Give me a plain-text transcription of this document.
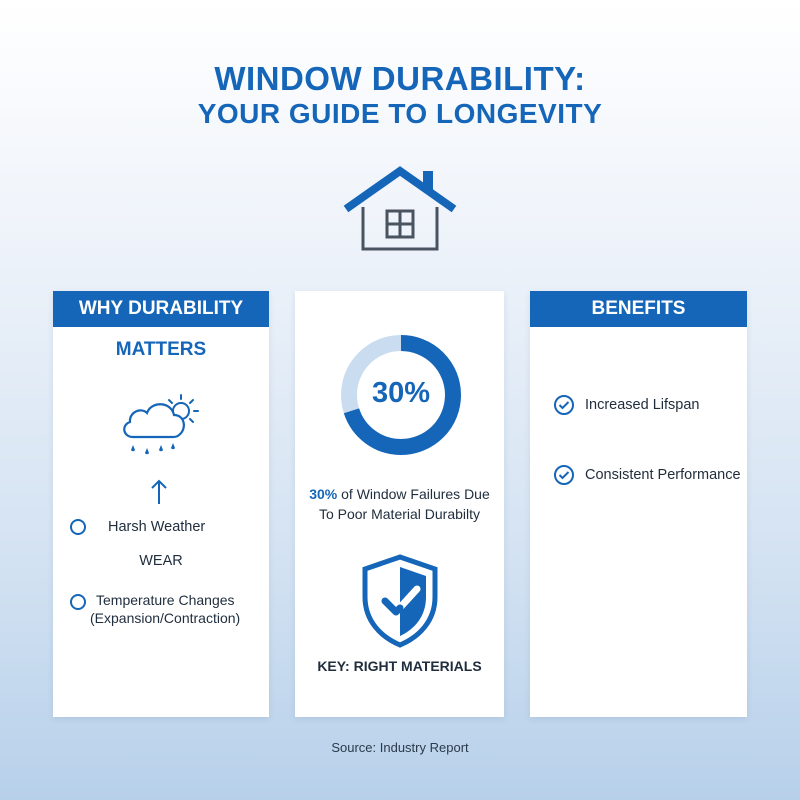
WINDOW DURABILITY:
YOUR GUIDE TO LONGEVITY
WHY DURABILITY
MATTERS
Harsh Weather
WEAR
Temperature Changes
(Expansion/Contraction)
30%
30% of Window Failures Due
To Poor Material Durabilty
KEY: RIGHT MATERIALS
BENEFITS
Increased Lifspan
Consistent Performance
Source: Industry Report
